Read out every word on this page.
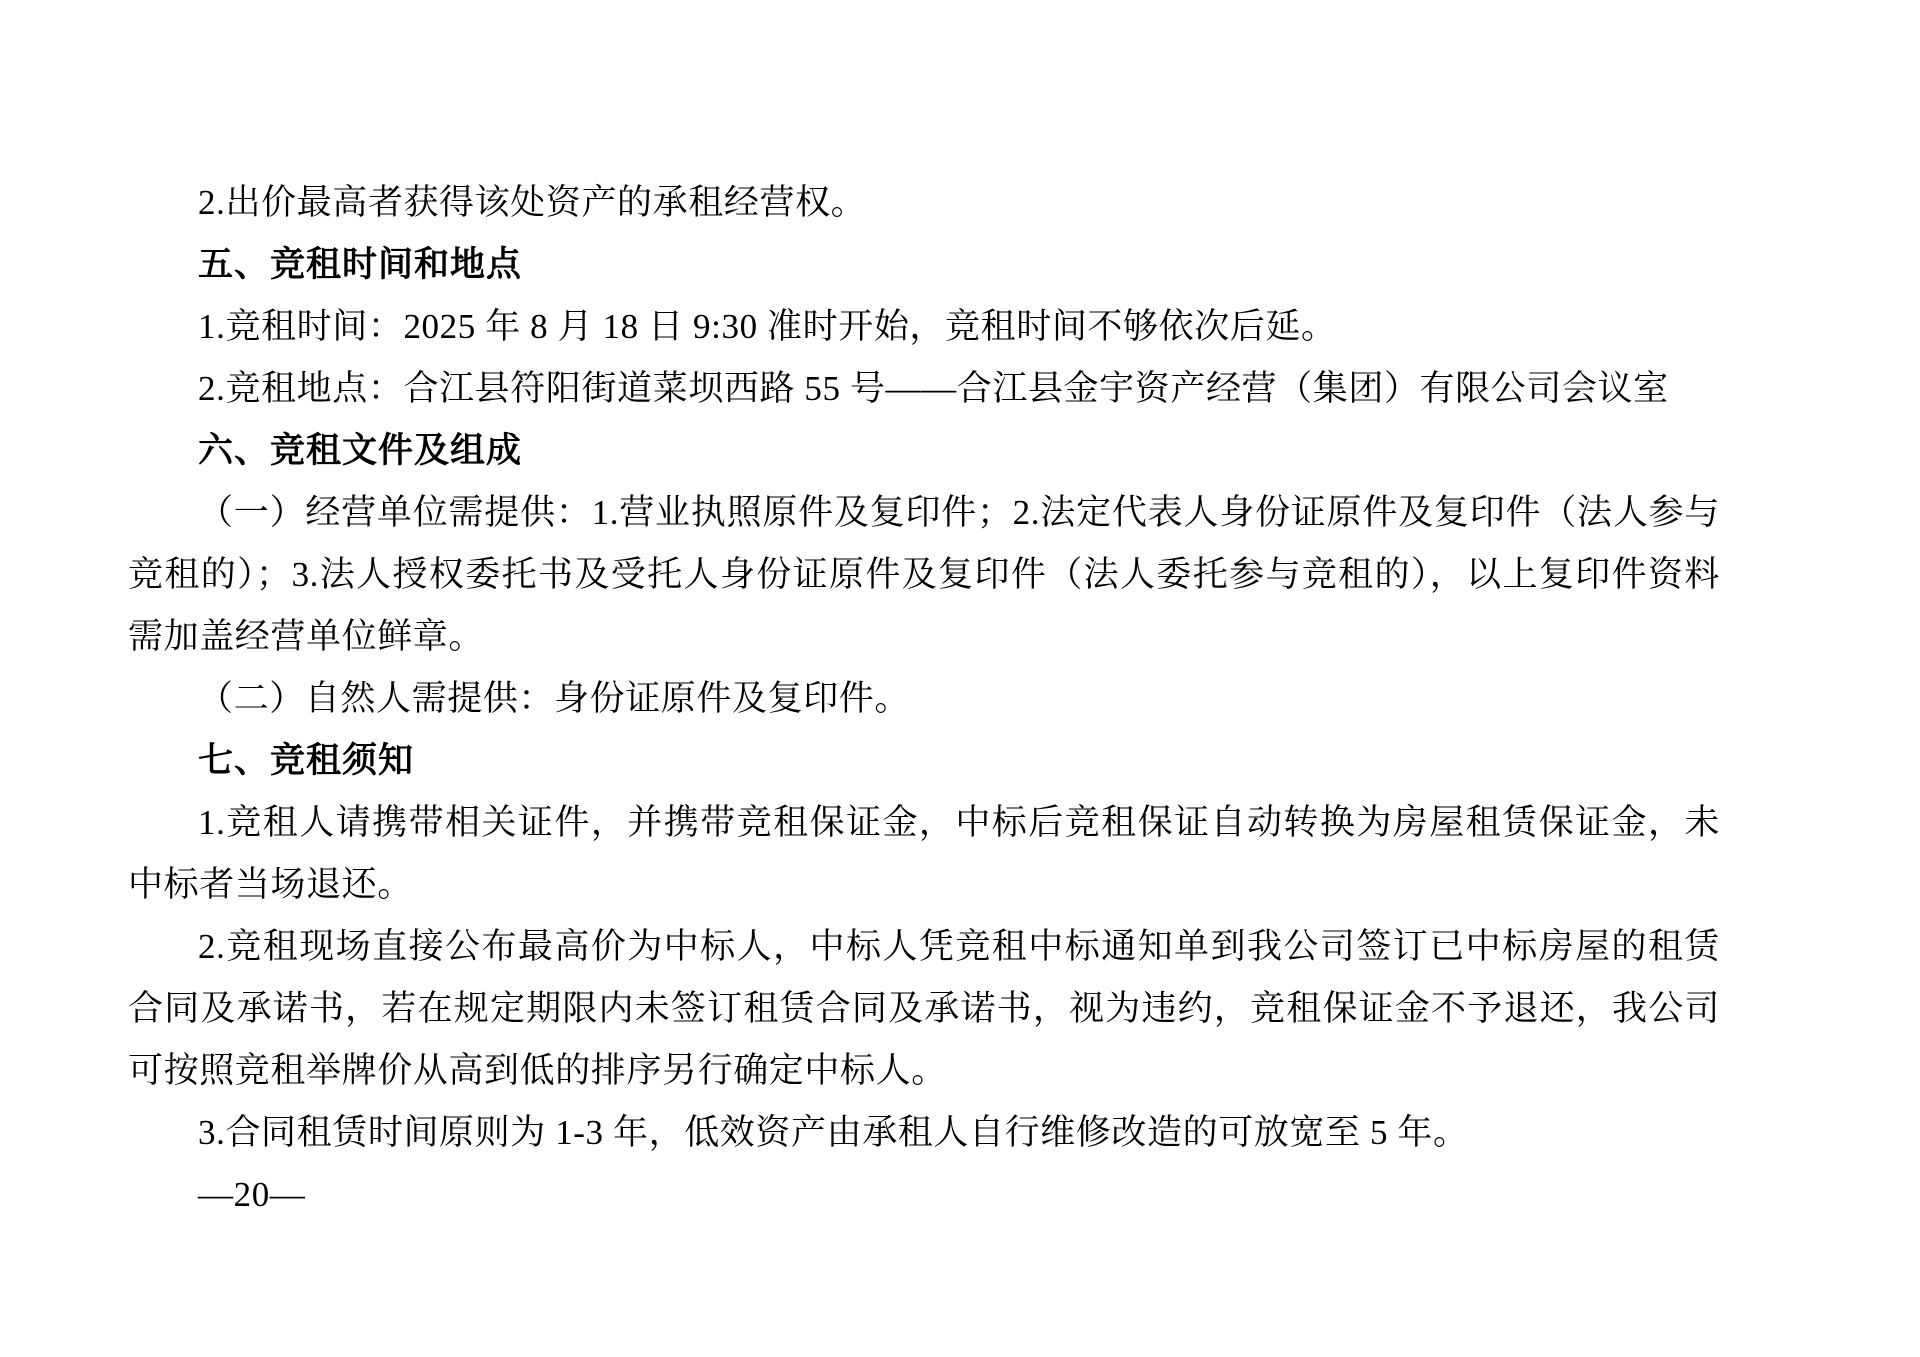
2.出价最高者获得该处资产的承租经营权。

五、竞租时间和地点

1.竞租时间：2025 年 8 月 18 日 9:30 准时开始，竞租时间不够依次后延。

2.竞租地点：合江县符阳街道菜坝西路 55 号——合江县金宇资产经营（集团）有限公司会议室

六、竞租文件及组成

（一）经营单位需提供：1.营业执照原件及复印件；2.法定代表人身份证原件及复印件（法人参与竞租的）；3.法人授权委托书及受托人身份证原件及复印件（法人委托参与竞租的），以上复印件资料需加盖经营单位鲜章。

（二）自然人需提供：身份证原件及复印件。

七、竞租须知

1.竞租人请携带相关证件，并携带竞租保证金，中标后竞租保证自动转换为房屋租赁保证金，未中标者当场退还。

2.竞租现场直接公布最高价为中标人，中标人凭竞租中标通知单到我公司签订已中标房屋的租赁合同及承诺书，若在规定期限内未签订租赁合同及承诺书，视为违约，竞租保证金不予退还，我公司可按照竞租举牌价从高到低的排序另行确定中标人。

3.合同租赁时间原则为 1-3 年，低效资产由承租人自行维修改造的可放宽至 5 年。

—20—
